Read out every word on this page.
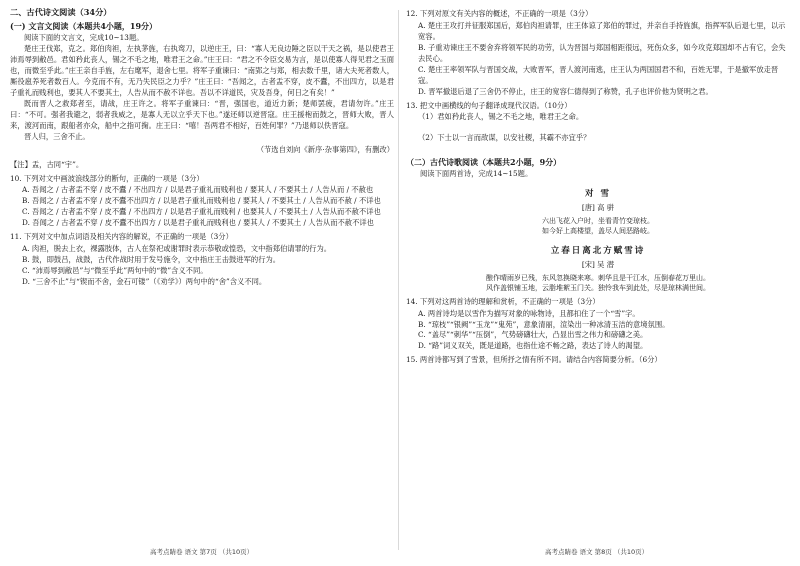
二、古代诗文阅读（34分）
(一) 文言文阅读（本题共4小题，19分）
阅读下面的文言文，完成10~13题。

楚庄王伐郑，克之。郑伯肉袒，左执茅旌，右执鸾刀，以逆庄王，曰：“寡人无良边陲之臣以干天之祸，是以使君王沛焉辱到敝邑。君如矜此丧人，锡之不毛之地，唯君王之命。”庄王曰：“君之不令臣交易为言，是以使寡人得见君之玉面也，而微至乎此。”庄王亲自手旌，左右麾军，退舍七里。将军子重谏曰：“南郢之与郑，相去数千里，诸大夫死者数人，厮役扈养死者数百人。今克而不有，无乃失民臣之力乎？”庄王曰：“吾闻之，古者盂不穿，皮不蠹，不出四方，以是君子重礼而贱利也，要其人不要其土，人告从而不赦不详也。吾以不详道民，灾及吾身，何日之有矣！”

既而晋人之救郑者至，请战，庄王许之。将军子重谏曰：“晋，强国也，道近力新；楚师罢疲，君请勿许。”庄王曰：“不可。强者我避之，弱者我威之，是寡人无以立乎天下也。”遂还师以逆晋寇。庄王援枹而鼓之，晋师大败，晋人来，渡河而南，跟船者亦众，船中之指可掬。庄王曰：“嘻！吾两君不相好，百姓何罪？”乃退师以佚晋寇。

晋人归，三舍不止。

（节选自刘向《新序·杂事第四》，有删改）
【注】盂，古同“宇”。
10. 下列对文中画波浪线部分的断句，正确的一项是（3分）
A. 吾闻之 / 古者盂不穿 / 皮不蠹 / 不出四方 / 以是君子重礼而贱利也 / 要其人 / 不要其土 / 人告从而 / 不赦也
B. 吾闻之 / 古者盂不穿 / 皮不蠹不出四方 / 以是君子重礼而贱利也 / 要其人 / 不要其土 / 人告从而不赦 / 不详也
C. 吾闻之 / 古者盂不穿 / 皮不蠹 / 不出四方 / 以是君子重礼而贱利 / 也要其人 / 不要其土 / 人告从而不赦不详也
D. 吾闻之 / 古者盂不穿 / 皮不蠹不出四方 / 以是君子重礼而贱利也 / 要其人 / 不要其土 / 人告从而不赦不详也
11. 下列对文中加点词语及相关内容的解说，不正确的一项是（3分）
A. 肉袒，脱去上衣，裸露肢体，古人在祭祀或谢罪时表示恭敬或惶恐，文中指郑伯请罪的行为。
B. 鼓，即鼓吕，战鼓，古代作战时用于发号施令，文中指庄王击鼓进军的行为。
C. “沛焉辱到敝邑”与“微至乎此”两句中的“微”含义不同。
D. “三舍不止”与“锲而不舍，金石可镂”（《劝学》）两句中的“舍”含义不同。
12. 下列对原文有关内容的概述，不正确的一项是（3分）
A. 楚庄王攻打并征服郑国后，郑伯肉袒请罪，庄王体谅了郑伯的罪过，并亲自手持旌旗，指挥军队后退七里，以示宽容。
B. 子重劝谏庄王不要舍弃将领军民的功劳，认为晋国与郑国相距很远，死伤众多，如今攻克郑国却不占有它，会失去民心。
C. 楚庄王率领军队与晋国交战，大败晋军，晋人渡河南逃，庄王认为两国国君不和，百姓无罪，于是撤军放走晋寇。
D. 晋军撤退后退了三舍仍不停止，庄王的宽容仁德得到了称赞，孔子也评价他为贤明之君。
13. 把文中画横线的句子翻译成现代汉语。（10分）
（1）君如矜此丧人，锡之不毛之地，唯君王之命。
（2）下士以一言而敌谋，以安社稷，其霸不亦宜乎？
（二）古代诗歌阅读（本题共2小题，9分）
阅读下面两首诗，完成14~15题。
对 雪
[唐] 高 骈
六出飞花入户时，坐看青竹变琼枝。
如今好上高楼望，盖尽人间恶路岐。
立春日离北方赋雪诗
[宋] 吴 潜
酿作晴雨岁已残，东风忽换晓来寒。刺华且是干江水，压倒春花万里山。
风作盖银铺玉地，云脂堆絮玉门关。独怜我车到此处，尽是琼林满世间。
14. 下列对这两首诗的理解和赏析，不正确的一项是（3分）
A. 两首诗均是以雪作为描写对象的咏物诗，且都扣住了一个“雪”字。
B. “琼枝”“银阙”“玉龙”“鬼苑”，意象清丽，渲染出一种冰清玉洁的意境氛围。
C. “盖尽”“刺华”“压倒”，气势磅礴壮大，凸显出雪之伟力和磅礴之美。
D. “路”词义双关，既是道路，也指仕途不畅之路，表达了诗人的渴望。
15. 两首诗都写到了雪景，但所抒之情有所不同。请结合内容简要分析。（6分）
高考点睛卷 语文 第7页 （共10页）	高考点睛卷 语文 第8页 （共10页）
